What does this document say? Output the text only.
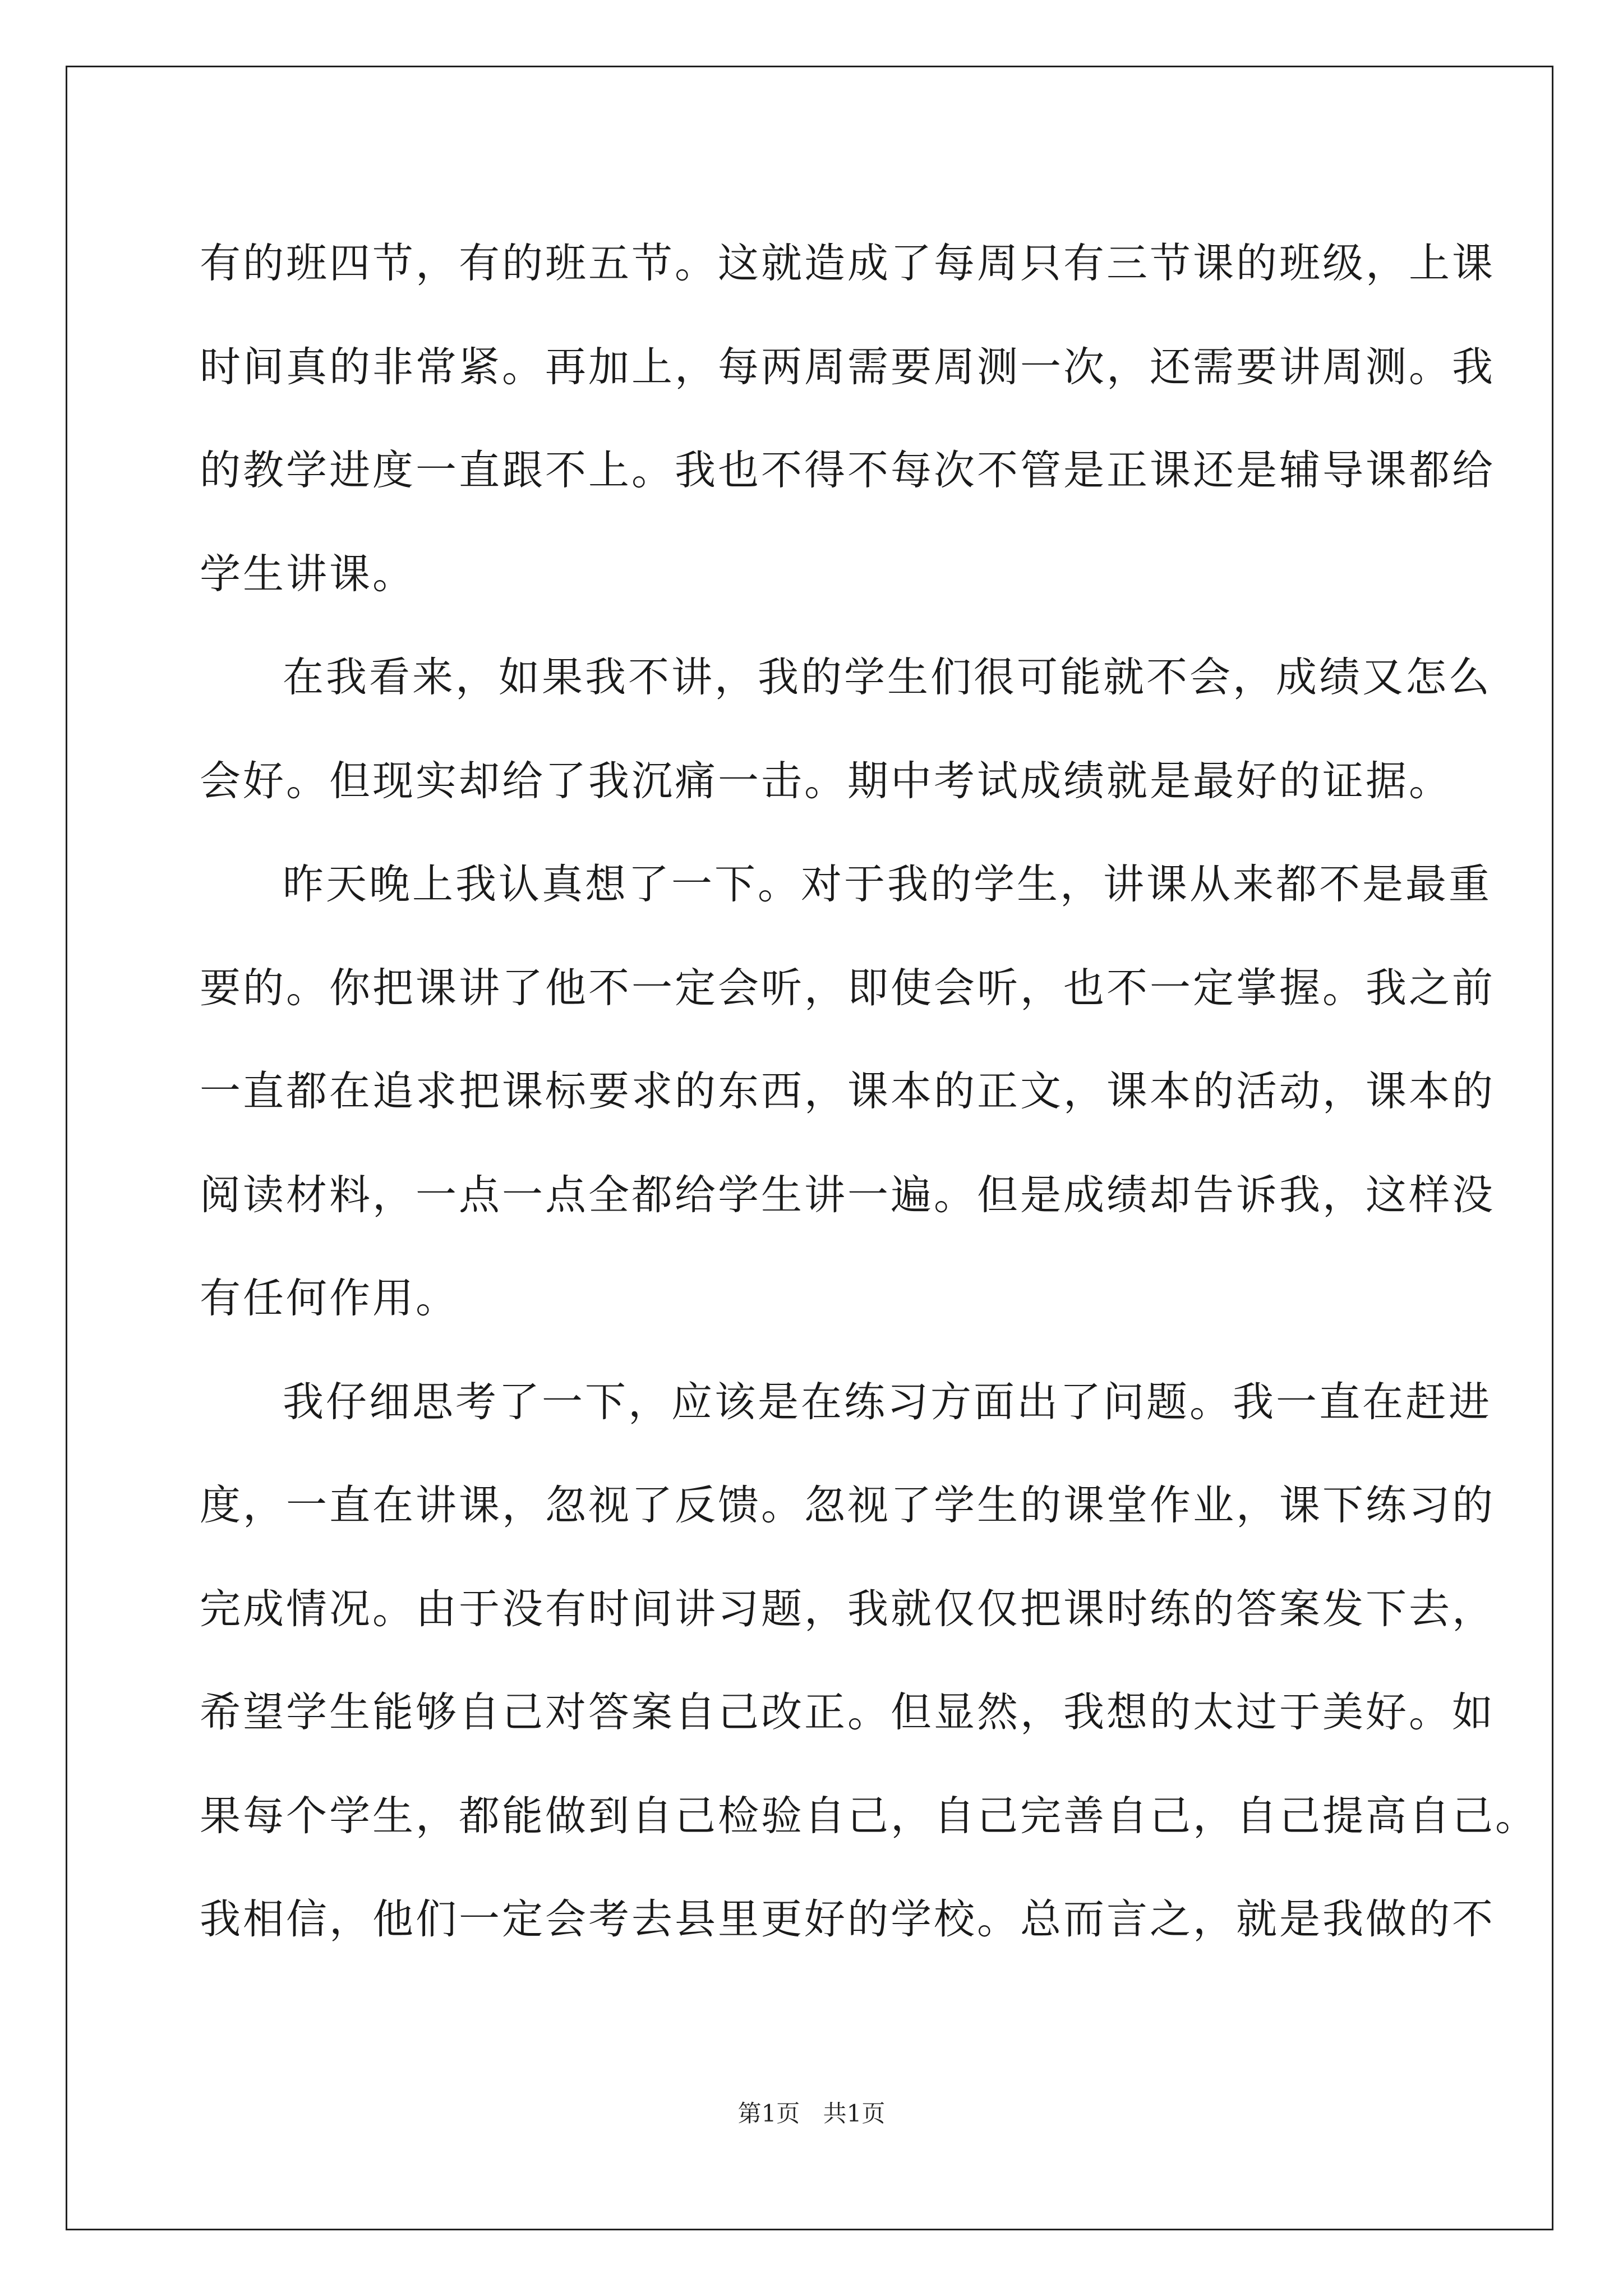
有的班四节，有的班五节。这就造成了每周只有三节课的班级，上课
时间真的非常紧。再加上，每两周需要周测一次，还需要讲周测。我
的教学进度一直跟不上。我也不得不每次不管是正课还是辅导课都给
学生讲课。
在我看来，如果我不讲，我的学生们很可能就不会，成绩又怎么
会好。但现实却给了我沉痛一击。期中考试成绩就是最好的证据。
昨天晚上我认真想了一下。对于我的学生，讲课从来都不是最重
要的。你把课讲了他不一定会听，即使会听，也不一定掌握。我之前
一直都在追求把课标要求的东西，课本的正文，课本的活动，课本的
阅读材料，一点一点全都给学生讲一遍。但是成绩却告诉我，这样没
有任何作用。
我仔细思考了一下，应该是在练习方面出了问题。我一直在赶进
度，一直在讲课，忽视了反馈。忽视了学生的课堂作业，课下练习的
完成情况。由于没有时间讲习题，我就仅仅把课时练的答案发下去，
希望学生能够自己对答案自己改正。但显然，我想的太过于美好。如
果每个学生，都能做到自己检验自己，自己完善自己，自己提高自己。
我相信，他们一定会考去县里更好的学校。总而言之，就是我做的不
第1页 共1页
